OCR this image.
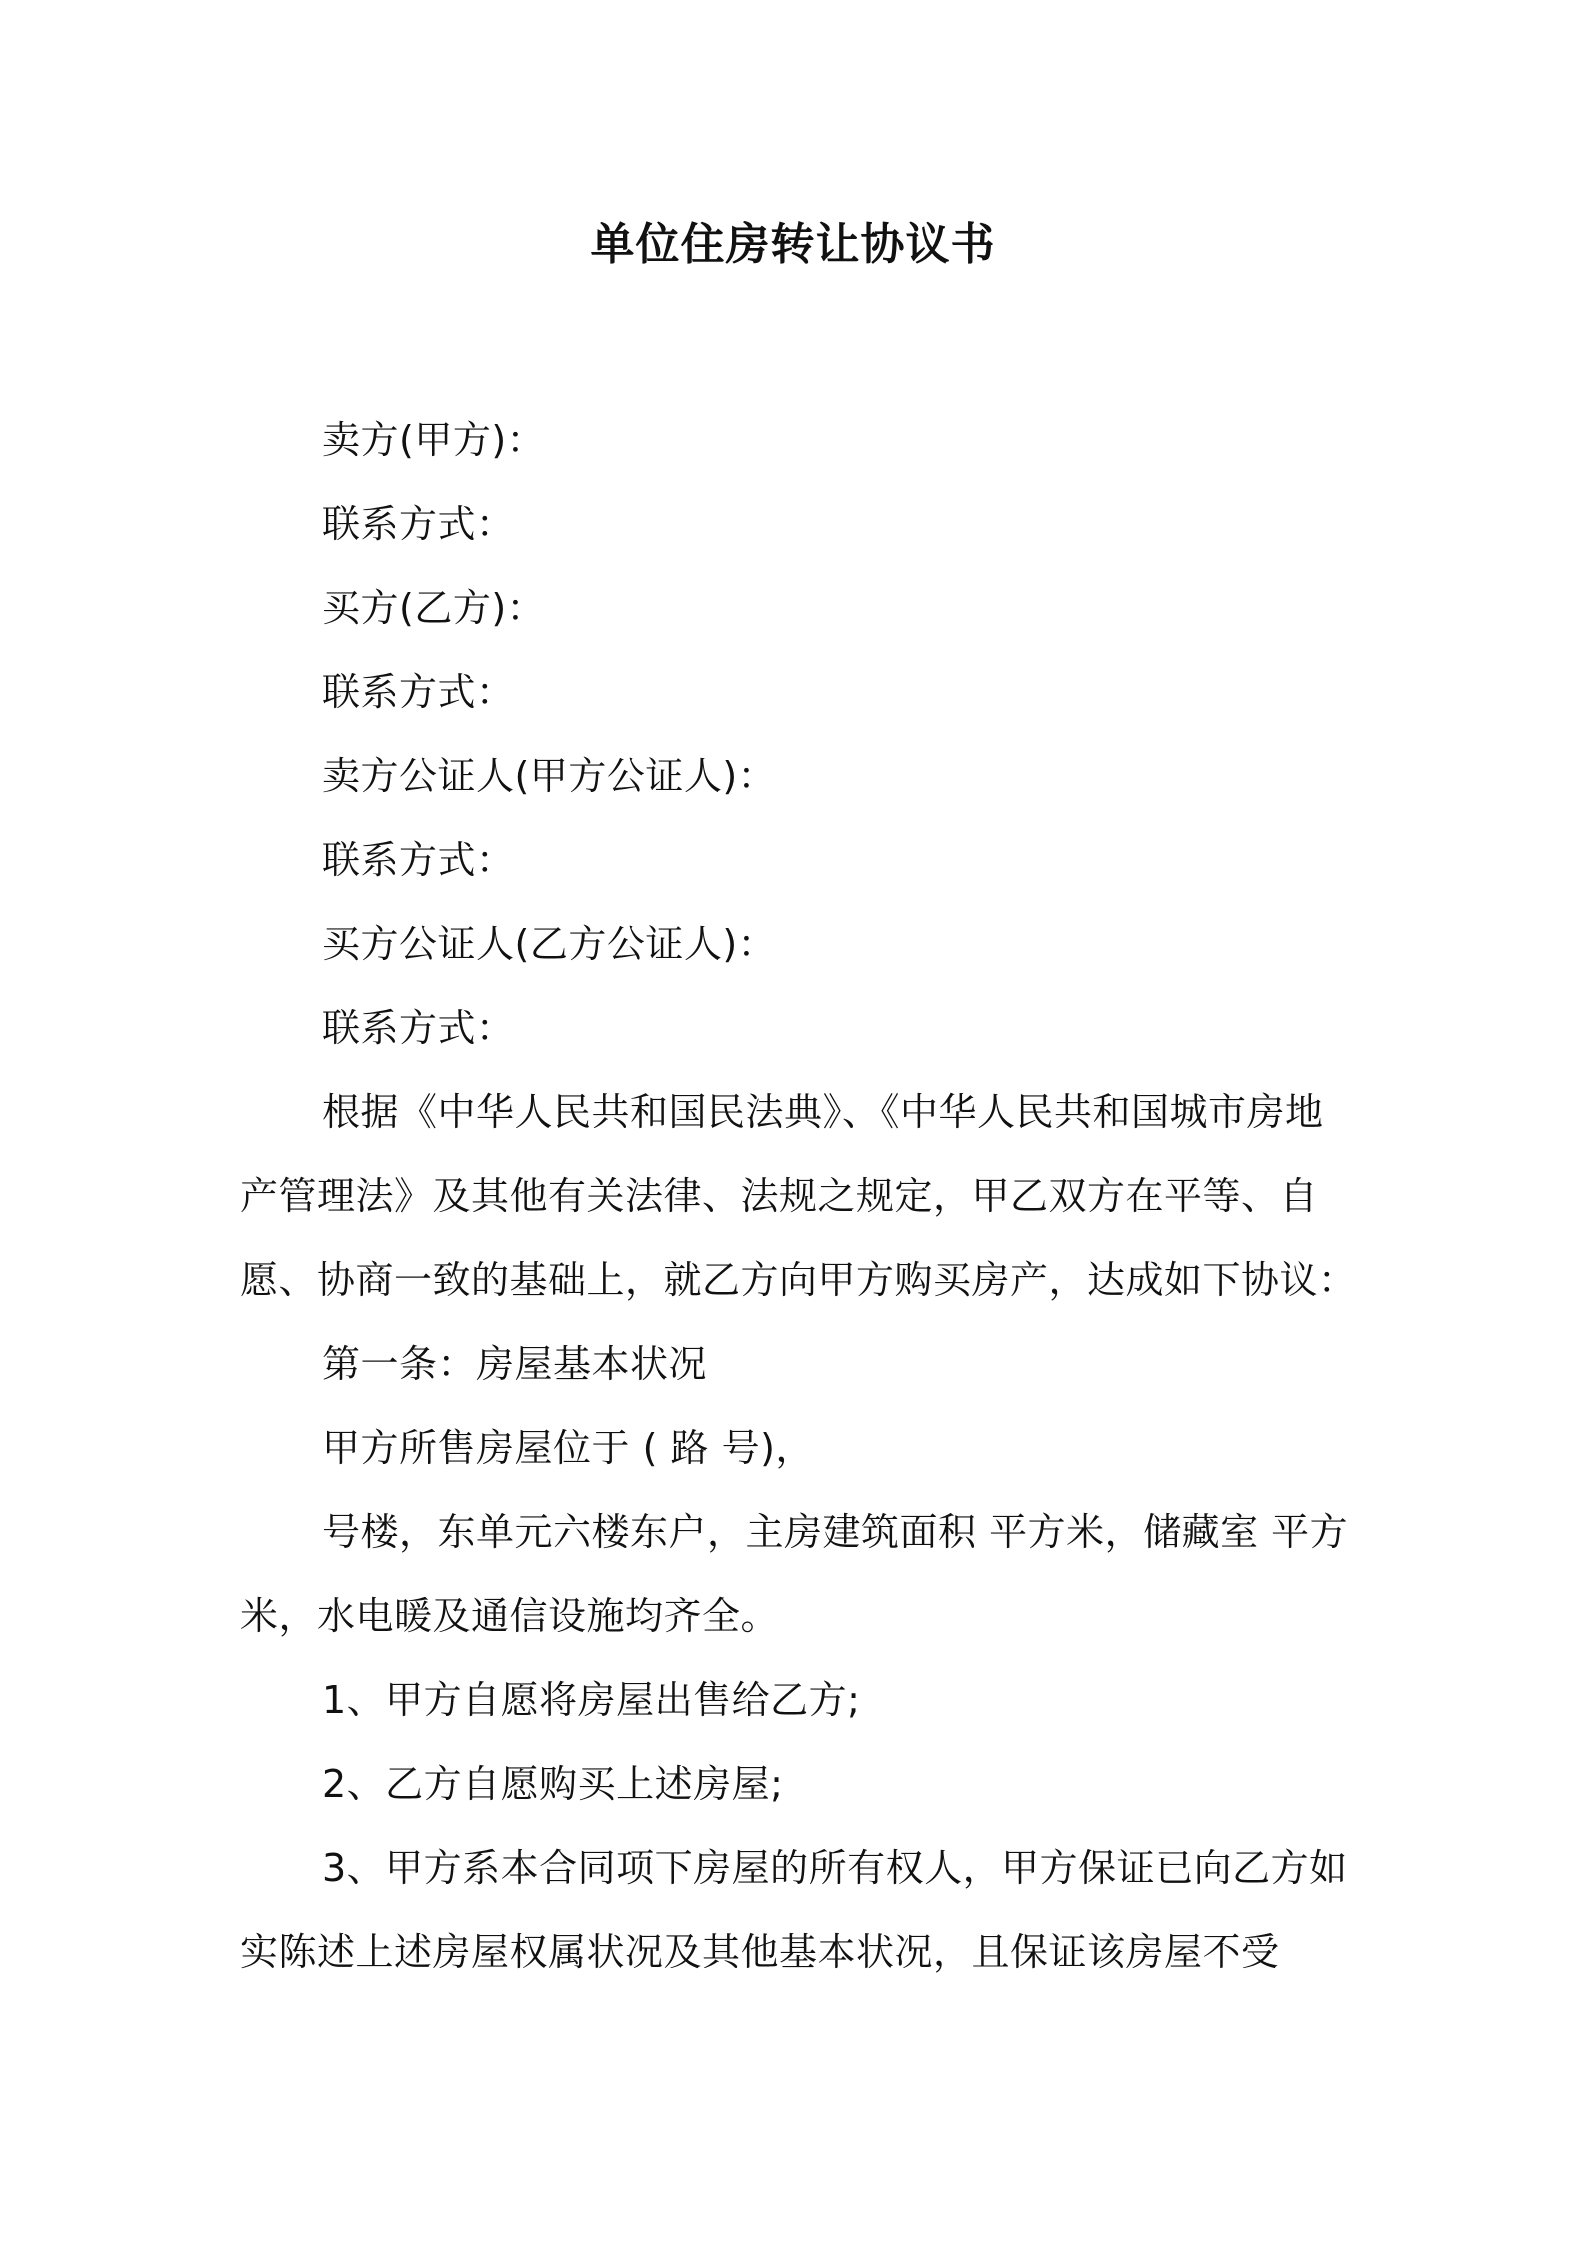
单位住房转让协议书

卖方(甲方)：

联系方式：

买方(乙方)：

联系方式：

卖方公证人(甲方公证人)：

联系方式：

买方公证人(乙方公证人)：

联系方式：

根据《中华人民共和国民法典》、《中华人民共和国城市房地产管理法》及其他有关法律、法规之规定，甲乙双方在平等、自愿、协商一致的基础上，就乙方向甲方购买房产，达成如下协议：

第一条：房屋基本状况

甲方所售房屋位于 ( 路 号)，

号楼，东单元六楼东户，主房建筑面积 平方米，储藏室 平方米，水电暖及通信设施均齐全。

1、甲方自愿将房屋出售给乙方;

2、乙方自愿购买上述房屋;

3、甲方系本合同项下房屋的所有权人，甲方保证已向乙方如实陈述上述房屋权属状况及其他基本状况，且保证该房屋不受
